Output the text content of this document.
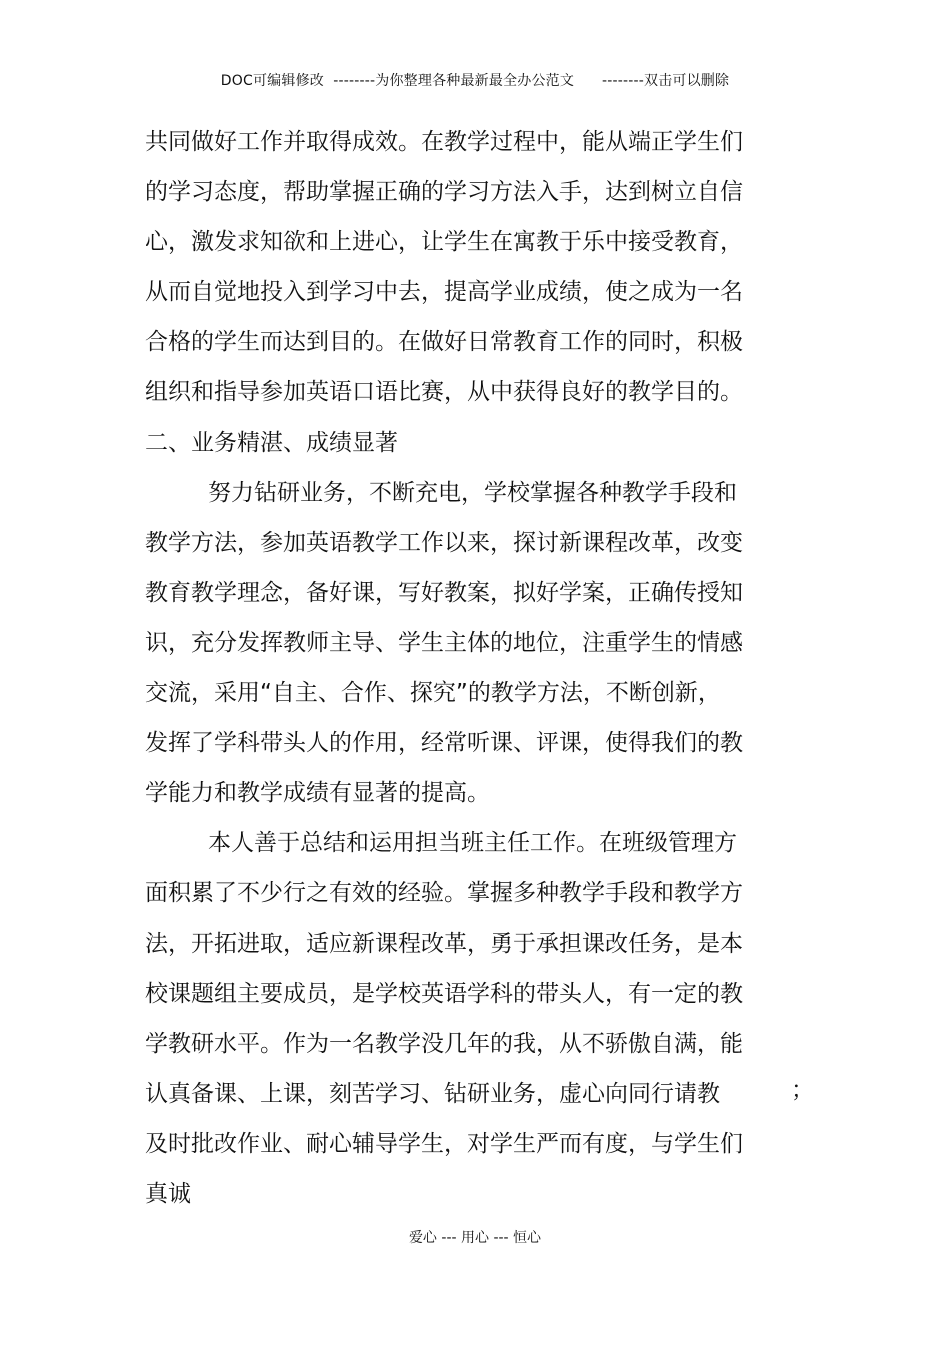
DOC可编辑修改  --------为你整理各种最新最全办公范文      --------双击可以删除
共同做好工作并取得成效。在教学过程中，能从端正学生们
的学习态度，帮助掌握正确的学习方法入手，达到树立自信
心，激发求知欲和上进心，让学生在寓教于乐中接受教育，
从而自觉地投入到学习中去，提高学业成绩，使之成为一名
合格的学生而达到目的。在做好日常教育工作的同时，积极
组织和指导参加英语口语比赛，从中获得良好的教学目的。
二、业务精湛、成绩显著
努力钻研业务，不断充电，学校掌握各种教学手段和
教学方法，参加英语教学工作以来，探讨新课程改革，改变
教育教学理念，备好课，写好教案，拟好学案，正确传授知
识，充分发挥教师主导、学生主体的地位，注重学生的情感
交流，采用“自主、合作、探究”的教学方法，不断创新，
发挥了学科带头人的作用，经常听课、评课，使得我们的教
学能力和教学成绩有显著的提高。
本人善于总结和运用担当班主任工作。在班级管理方
面积累了不少行之有效的经验。掌握多种教学手段和教学方
法，开拓进取，适应新课程改革，勇于承担课改任务，是本
校课题组主要成员，是学校英语学科的带头人，有一定的教
学教研水平。作为一名教学没几年的我，从不骄傲自满，能
认真备课、上课，刻苦学习、钻研业务，虚心向同行请教
及时批改作业、耐心辅导学生，对学生严而有度，与学生们
真诚
；
爱心 --- 用心 --- 恒心
